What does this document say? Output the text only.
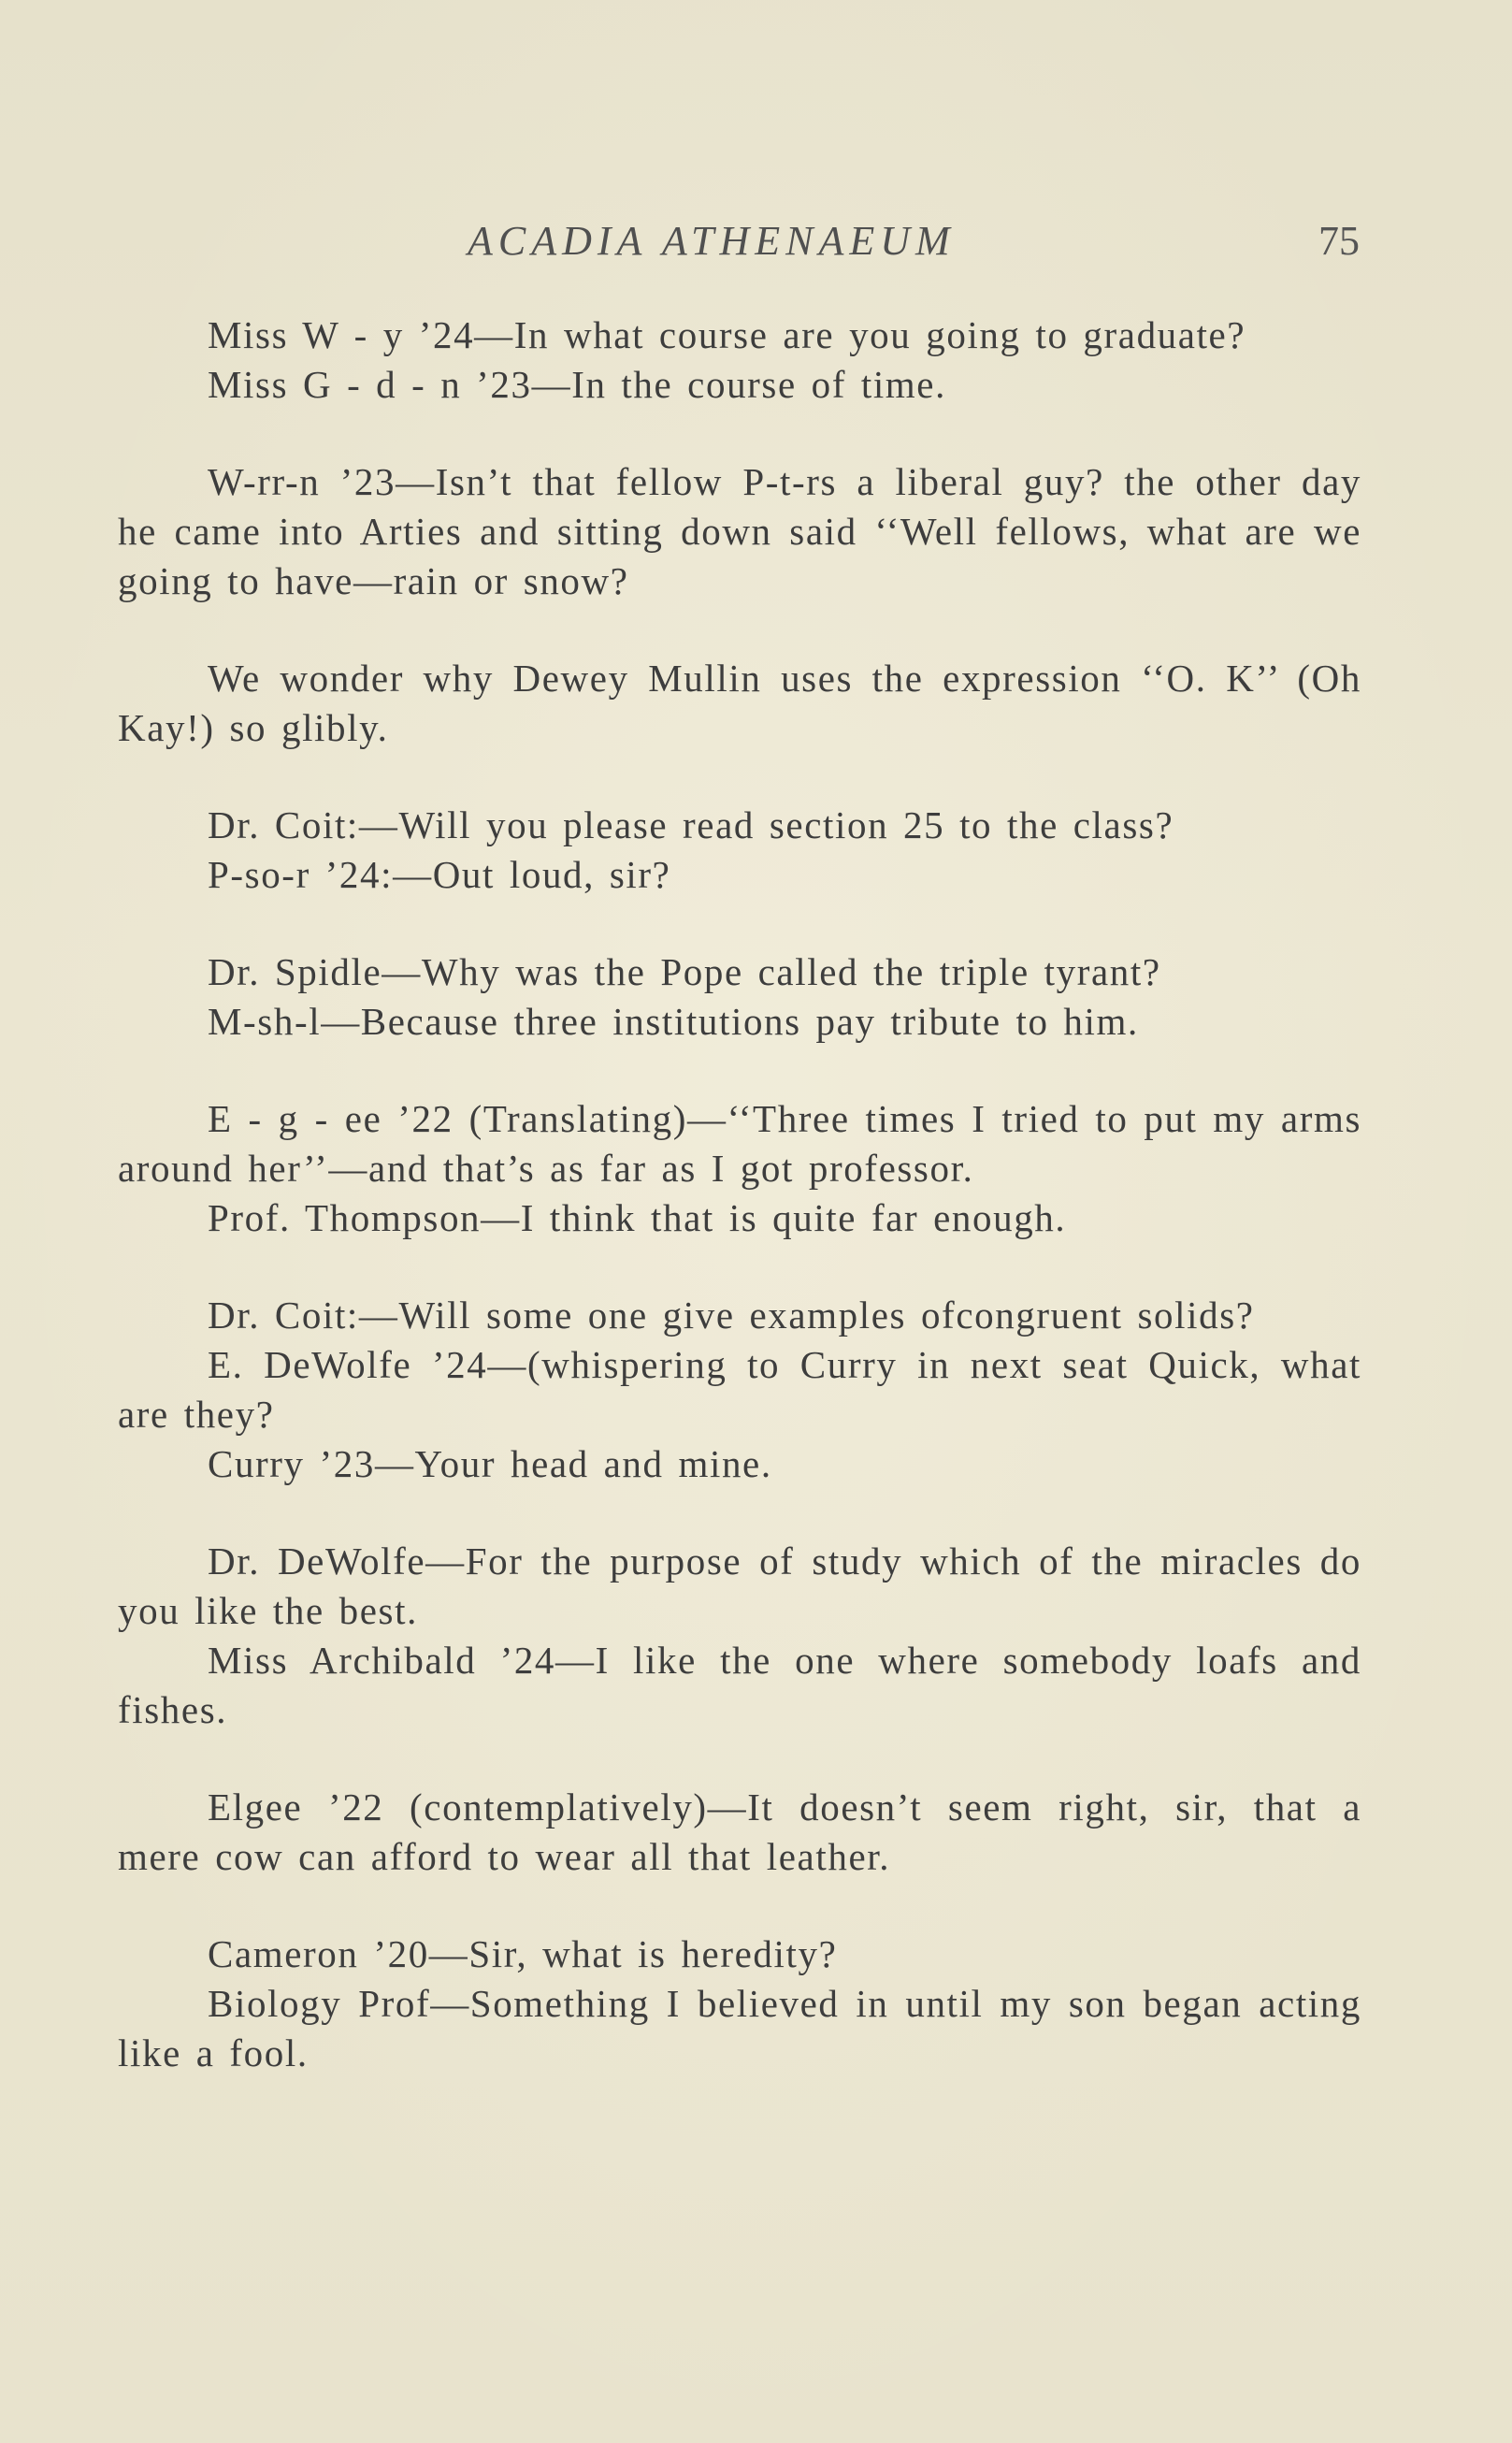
ACADIA ATHENAEUM	75

Miss W - y ’24—In what course are you going to graduate?

Miss G - d - n ’23—In the course of time.

W-rr-n ’23—Isn’t that fellow P-t-rs a liberal guy? the other day he came into Arties and sitting down said ‘‘Well fellows, what are we going to have—rain or snow?

We wonder why Dewey Mullin uses the expression ‘‘O. K’’ (Oh Kay!) so glibly.

Dr. Coit:—Will you please read section 25 to the class?

P-so-r ’24:—Out loud, sir?

Dr. Spidle—Why was the Pope called the triple tyrant?

M-sh-l—Because three institutions pay tribute to him.

E - g - ee ’22 (Translating)—‘‘Three times I tried to put my arms around her’’—and that’s as far as I got professor.

Prof. Thompson—I think that is quite far enough.

Dr. Coit:—Will some one give examples ofcongruent solids?

E. DeWolfe ’24—(whispering to Curry in next seat Quick, what are they?

Curry ’23—Your head and mine.

Dr. DeWolfe—For the purpose of study which of the miracles do you like the best.

Miss Archibald ’24—I like the one where somebody loafs and fishes.

Elgee ’22 (contemplatively)—It doesn’t seem right, sir, that a mere cow can afford to wear all that leather.

Cameron ’20—Sir, what is heredity?

Biology Prof—Something I believed in until my son began acting like a fool.
